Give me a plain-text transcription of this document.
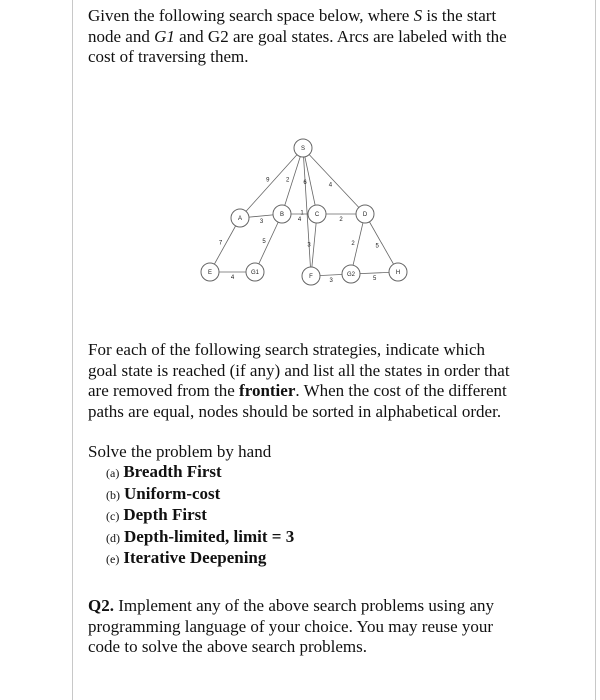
Given the following search space below, where S is the start node and G1 and G2 are goal states. Arcs are labeled with the cost of traversing them.

9	2 6
1
4
3
7
4
5
2
3	2	5
4	3	5
S
A
B	C	D
E	G1
F	G2	H

For each of the following search strategies, indicate which goal state is reached (if any) and list all the states in order that are removed from the frontier. When the cost of the different paths are equal, nodes should be sorted in alphabetical order.

Solve the problem by hand
(a) Breadth First
(b) Uniform-cost
(c) Depth First
(d) Depth-limited, limit = 3
(e) Iterative Deepening

Q2. Implement any of the above search problems using any programming language of your choice. You may reuse your code to solve the above search problems.
